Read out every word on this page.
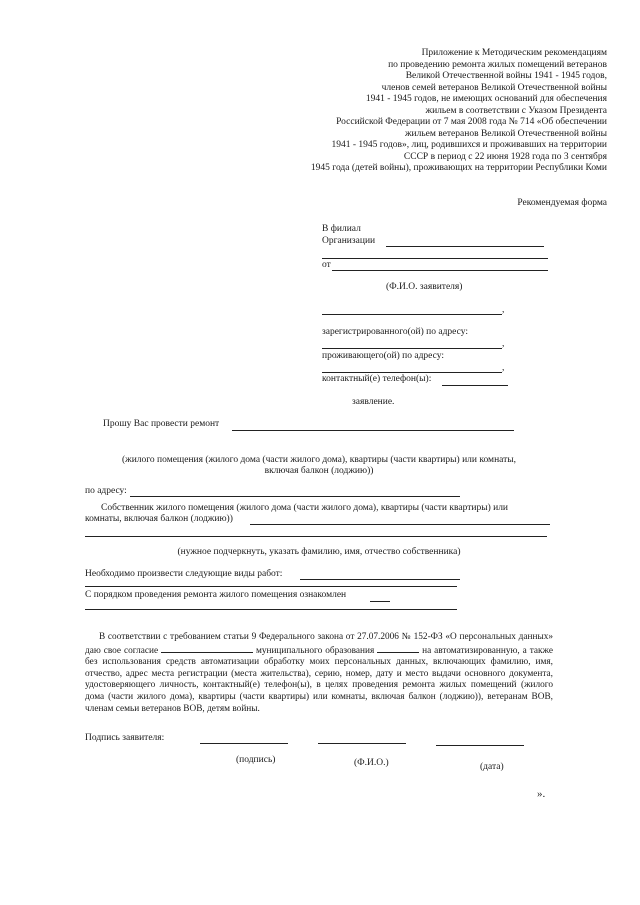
Приложение к Методическим рекомендациям
по проведению ремонта жилых помещений ветеранов
Великой Отечественной войны 1941 - 1945 годов,
членов семей ветеранов Великой Отечественной войны
1941 - 1945 годов, не имеющих оснований для обеспечения
жильем в соответствии с Указом Президента
Российской Федерации от 7 мая 2008 года № 714 «Об обеспечении
жильем ветеранов Великой Отечественной войны
1941 - 1945 годов», лиц, родившихся и проживавших на территории
СССР в период с 22 июня 1928 года по 3 сентября
1945 года (детей войны), проживающих на территории Республики Коми
Рекомендуемая форма
В филиал
Организации
от
(Ф.И.О. заявителя)
,
зарегистрированного(ой) по адресу:
,
проживающего(ой) по адресу:
,
контактный(е) телефон(ы):
заявление.
Прошу Вас провести ремонт
(жилого помещения (жилого дома (части жилого дома), квартиры (части квартиры) или комнаты,
включая балкон (лоджию))
по адресу:
Собственник жилого помещения (жилого дома (части жилого дома), квартиры (части квартиры) или
комнаты, включая балкон (лоджию))
(нужное подчеркнуть, указать фамилию, имя, отчество собственника)
Необходимо произвести следующие виды работ:
С порядком проведения ремонта жилого помещения ознакомлен
В соответствии с требованием статьи 9 Федерального закона от 27.07.2006 № 152-ФЗ «О персональных данных» даю свое согласие	муниципального образования	на автоматизированную, а также без использования средств автоматизации обработку моих персональных данных, включающих фамилию, имя, отчество, адрес места регистрации (места жительства), серию, номер, дату и место выдачи основного документа, удостоверяющего личность, контактный(е) телефон(ы), в целях проведения ремонта жилых помещений (жилого дома (части жилого дома), квартиры (части квартиры) или комнаты, включая балкон (лоджию)), ветеранам ВОВ, членам семьи ветеранов ВОВ, детям войны.
Подпись заявителя:
(подпись)	(Ф.И.О.)	(дата)
».
